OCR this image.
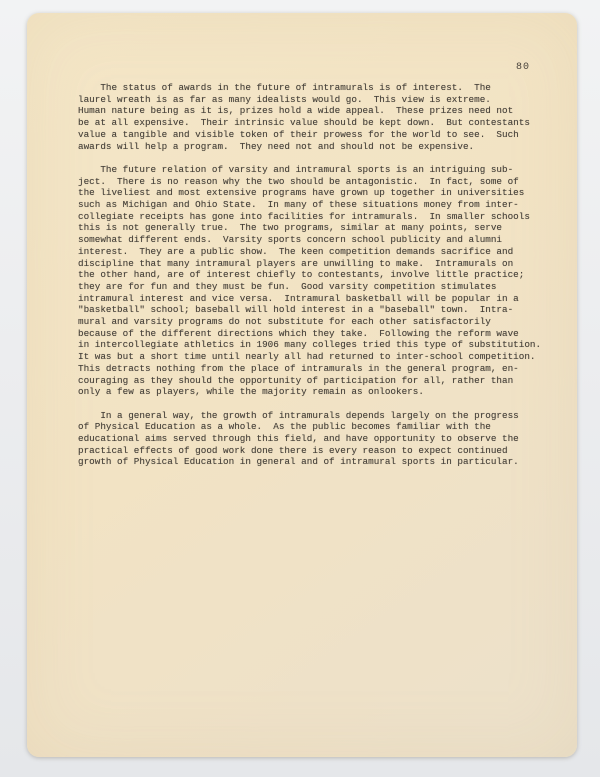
80
The status of awards in the future of intramurals is of interest.  The
laurel wreath is as far as many idealists would go.  This view is extreme.
Human nature being as it is, prizes hold a wide appeal.  These prizes need not
be at all expensive.  Their intrinsic value should be kept down.  But contestants
value a tangible and visible token of their prowess for the world to see.  Such
awards will help a program.  They need not and should not be expensive.
The future relation of varsity and intramural sports is an intriguing sub-
ject.  There is no reason why the two should be antagonistic.  In fact, some of
the liveliest and most extensive programs have grown up together in universities
such as Michigan and Ohio State.  In many of these situations money from inter-
collegiate receipts has gone into facilities for intramurals.  In smaller schools
this is not generally true.  The two programs, similar at many points, serve
somewhat different ends.  Varsity sports concern school publicity and alumni
interest.  They are a public show.  The keen competition demands sacrifice and
discipline that many intramural players are unwilling to make.  Intramurals on
the other hand, are of interest chiefly to contestants, involve little practice;
they are for fun and they must be fun.  Good varsity competition stimulates
intramural interest and vice versa.  Intramural basketball will be popular in a
"basketball" school; baseball will hold interest in a "baseball" town.  Intra-
mural and varsity programs do not substitute for each other satisfactorily
because of the different directions which they take.  Following the reform wave
in intercollegiate athletics in 1906 many colleges tried this type of substitution.
It was but a short time until nearly all had returned to inter-school competition.
This detracts nothing from the place of intramurals in the general program, en-
couraging as they should the opportunity of participation for all, rather than
only a few as players, while the majority remain as onlookers.
In a general way, the growth of intramurals depends largely on the progress
of Physical Education as a whole.  As the public becomes familiar with the
educational aims served through this field, and have opportunity to observe the
practical effects of good work done there is every reason to expect continued
growth of Physical Education in general and of intramural sports in particular.
